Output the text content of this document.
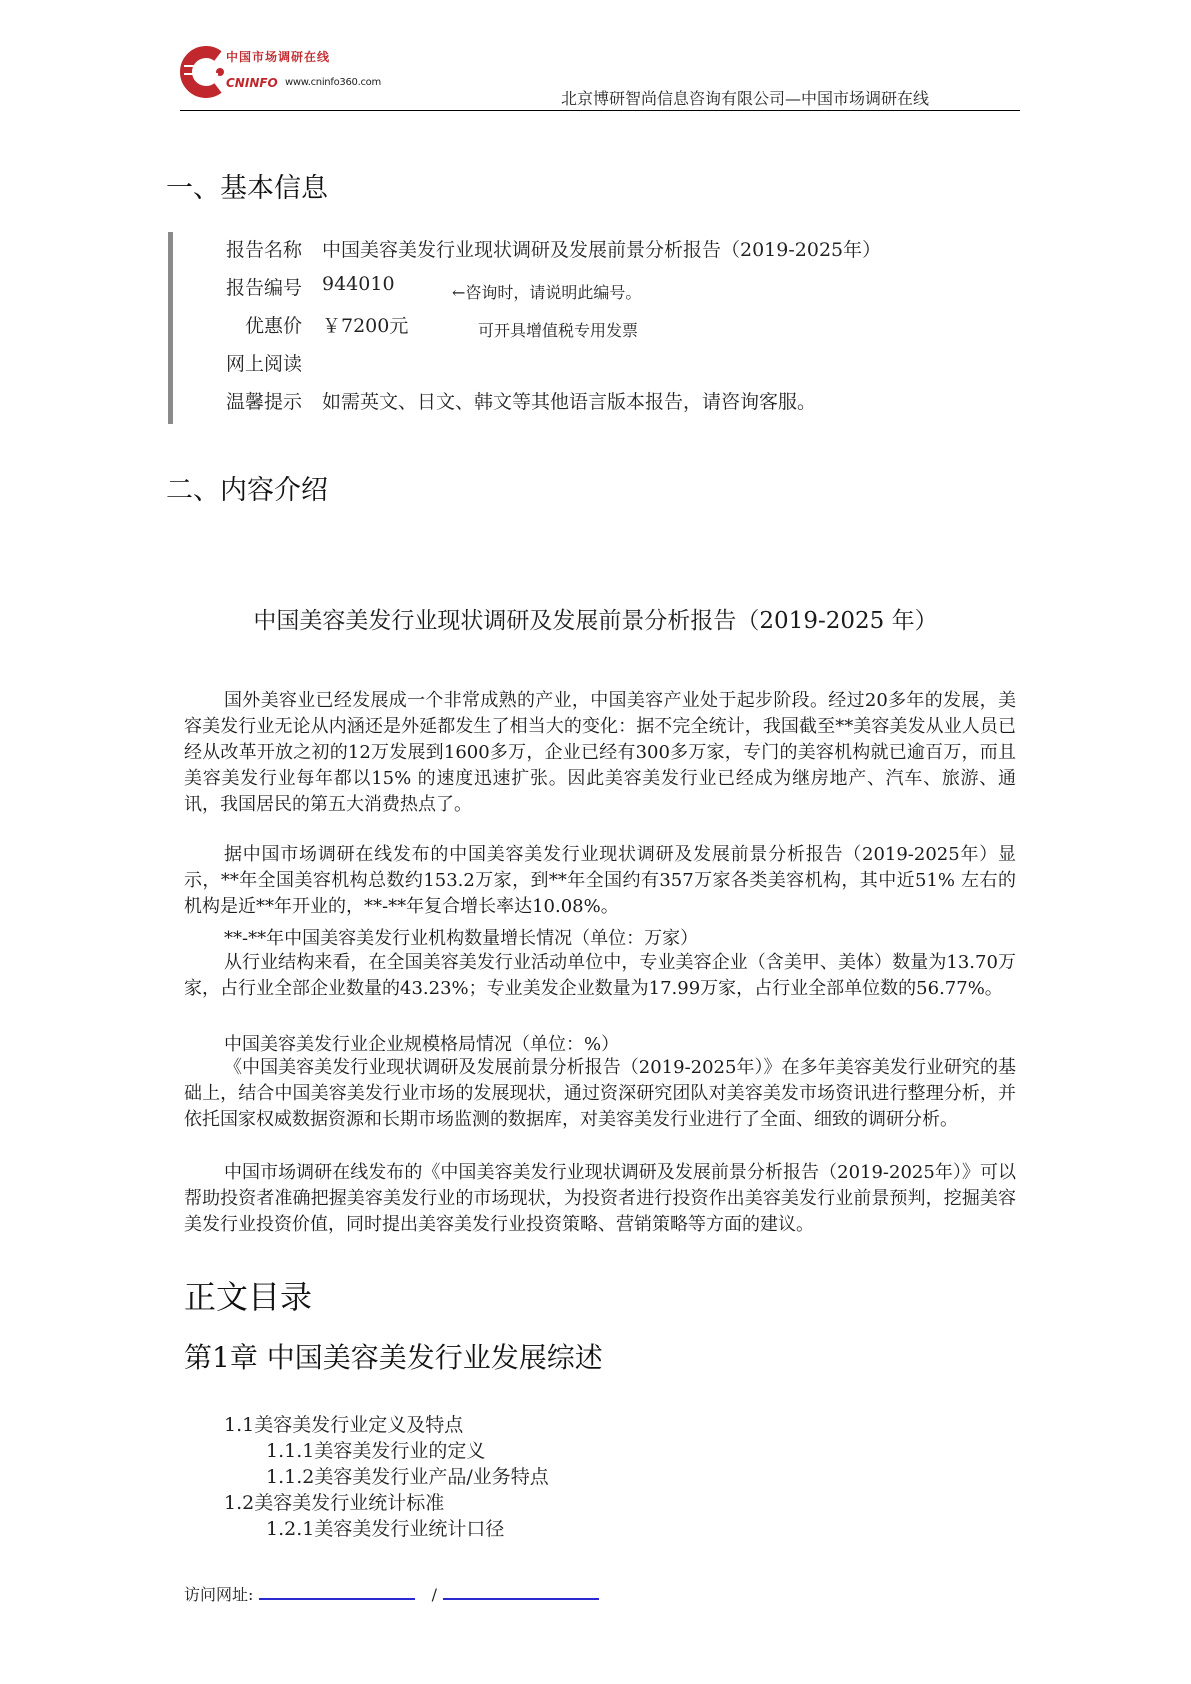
中国市场调研在线
CNINFO www.cninfo360.com
北京博研智尚信息咨询有限公司—中国市场调研在线
一、基本信息
报告名称 中国美容美发行业现状调研及发展前景分析报告（2019-2025年）
报告编号 944010	←咨询时，请说明此编号。
优惠价 ￥7200元	可开具增值税专用发票
网上阅读
温馨提示 如需英文、日文、韩文等其他语言版本报告，请咨询客服。
二、内容介绍
中国美容美发行业现状调研及发展前景分析报告（2019-2025 年）

国外美容业已经发展成一个非常成熟的产业，中国美容产业处于起步阶段。经过20多年的发展，美容美发行业无论从内涵还是外延都发生了相当大的变化：据不完全统计，我国截至**美容美发从业人员已经从改革开放之初的12万发展到1600多万，企业已经有300多万家，专门的美容机构就已逾百万，而且美容美发行业每年都以15% 的速度迅速扩张。因此美容美发行业已经成为继房地产、汽车、旅游、通讯，我国居民的第五大消费热点了。

据中国市场调研在线发布的中国美容美发行业现状调研及发展前景分析报告（2019-2025年）显示，**年全国美容机构总数约153.2万家，到**年全国约有357万家各类美容机构，其中近51% 左右的机构是近**年开业的，**-**年复合增长率达10.08%。

**-**年中国美容美发行业机构数量增长情况（单位：万家）

从行业结构来看，在全国美容美发行业活动单位中，专业美容企业（含美甲、美体）数量为13.70万家，占行业全部企业数量的43.23%；专业美发企业数量为17.99万家，占行业全部单位数的56.77%。

中国美容美发行业企业规模格局情况（单位：%）

《中国美容美发行业现状调研及发展前景分析报告（2019-2025年）》在多年美容美发行业研究的基础上，结合中国美容美发行业市场的发展现状，通过资深研究团队对美容美发市场资讯进行整理分析，并依托国家权威数据资源和长期市场监测的数据库，对美容美发行业进行了全面、细致的调研分析。

中国市场调研在线发布的《中国美容美发行业现状调研及发展前景分析报告（2019-2025年）》可以帮助投资者准确把握美容美发行业的市场现状，为投资者进行投资作出美容美发行业前景预判，挖掘美容美发行业投资价值，同时提出美容美发行业投资策略、营销策略等方面的建议。

正文目录
第1章 中国美容美发行业发展综述
1.1美容美发行业定义及特点
1.1.1美容美发行业的定义
1.1.2美容美发行业产品/业务特点
1.2美容美发行业统计标准
1.2.1美容美发行业统计口径
访问网址:	/
